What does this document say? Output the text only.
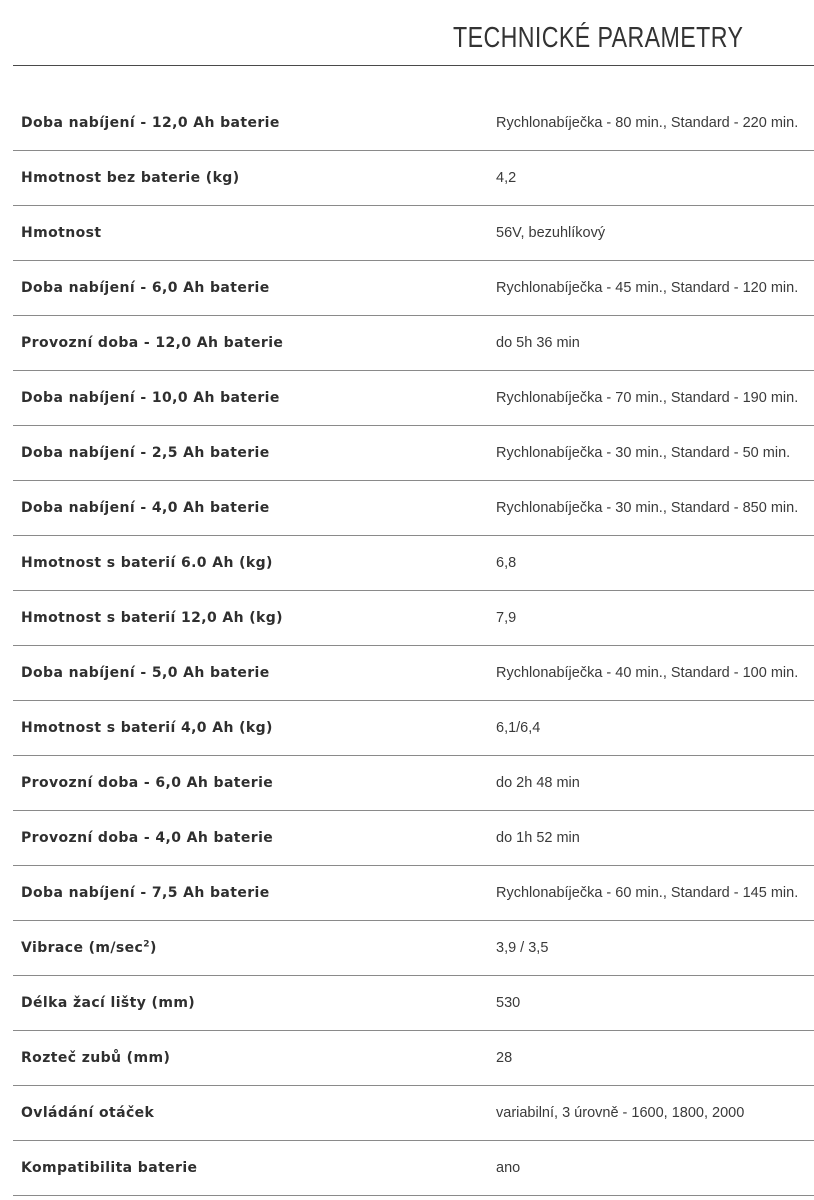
TECHNICKÉ PARAMETRY
Doba nabíjení - 12,0 Ah baterie	Rychlonabíječka - 80 min., Standard - 220 min.
Hmotnost bez baterie (kg)	4,2
Hmotnost	56V, bezuhlíkový
Doba nabíjení - 6,0 Ah baterie	Rychlonabíječka - 45 min., Standard - 120 min.
Provozní doba - 12,0 Ah baterie	do 5h 36 min
Doba nabíjení - 10,0 Ah baterie	Rychlonabíječka - 70 min., Standard - 190 min.
Doba nabíjení - 2,5 Ah baterie	Rychlonabíječka - 30 min., Standard - 50 min.
Doba nabíjení - 4,0 Ah baterie	Rychlonabíječka - 30 min., Standard - 850 min.
Hmotnost s baterií 6.0 Ah (kg)	6,8
Hmotnost s baterií 12,0 Ah (kg)	7,9
Doba nabíjení - 5,0 Ah baterie	Rychlonabíječka - 40 min., Standard - 100 min.
Hmotnost s baterií 4,0 Ah (kg)	6,1/6,4
Provozní doba - 6,0 Ah baterie	do 2h 48 min
Provozní doba - 4,0 Ah baterie	do 1h 52 min
Doba nabíjení - 7,5 Ah baterie	Rychlonabíječka - 60 min., Standard - 145 min.
Vibrace $(m/\sec^2)$	3,9 / 3,5
Délka žací lišty (mm)	530
Rozteč zubů (mm)	28
Ovládání otáček	variabilní, 3 úrovně - 1600, 1800, 2000
Kompatibilita baterie	ano
